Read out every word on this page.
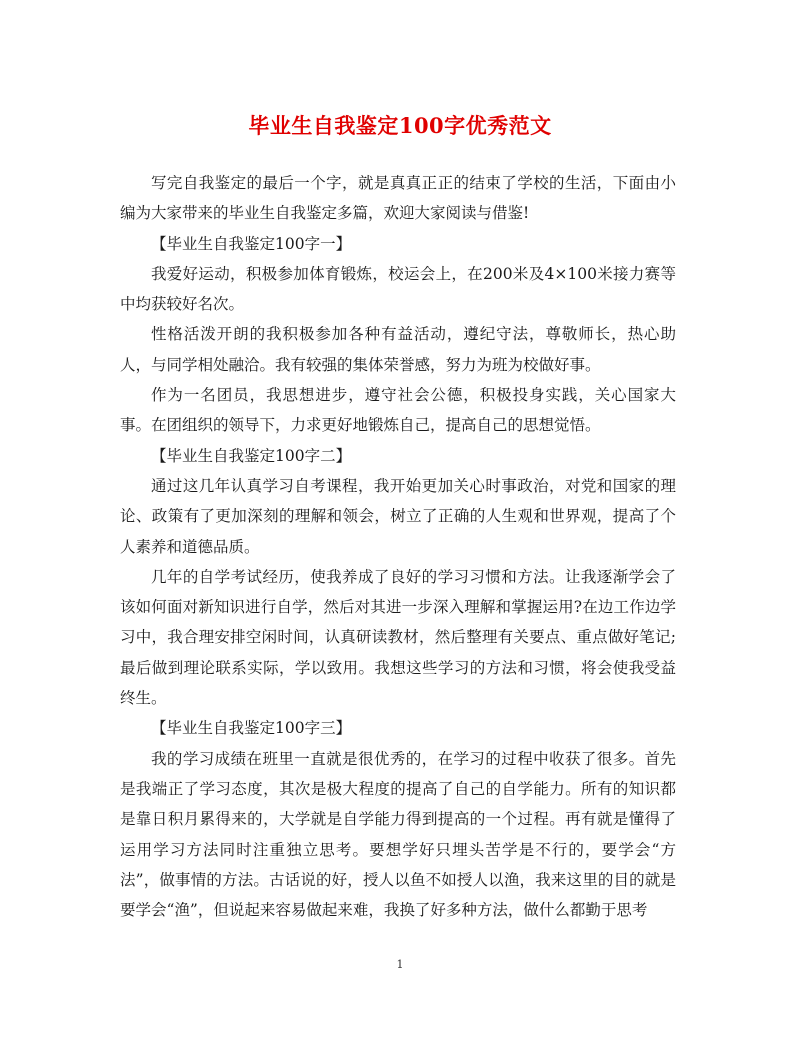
毕业生自我鉴定100字优秀范文

写完自我鉴定的最后一个字，就是真真正正的结束了学校的生活，下面由小编为大家带来的毕业生自我鉴定多篇，欢迎大家阅读与借鉴!

【毕业生自我鉴定100字一】

我爱好运动，积极参加体育锻炼，校运会上，在200米及4×100米接力赛等中均获较好名次。

性格活泼开朗的我积极参加各种有益活动，遵纪守法，尊敬师长，热心助人，与同学相处融洽。我有较强的集体荣誉感，努力为班为校做好事。

作为一名团员，我思想进步，遵守社会公德，积极投身实践，关心国家大事。在团组织的领导下，力求更好地锻炼自己，提高自己的思想觉悟。

【毕业生自我鉴定100字二】

通过这几年认真学习自考课程，我开始更加关心时事政治，对党和国家的理论、政策有了更加深刻的理解和领会，树立了正确的人生观和世界观，提高了个人素养和道德品质。

几年的自学考试经历，使我养成了良好的学习习惯和方法。让我逐渐学会了该如何面对新知识进行自学，然后对其进一步深入理解和掌握运用?在边工作边学习中，我合理安排空闲时间，认真研读教材，然后整理有关要点、重点做好笔记;最后做到理论联系实际，学以致用。我想这些学习的方法和习惯，将会使我受益终生。

【毕业生自我鉴定100字三】

我的学习成绩在班里一直就是很优秀的，在学习的过程中收获了很多。首先是我端正了学习态度，其次是极大程度的提高了自己的自学能力。所有的知识都是靠日积月累得来的，大学就是自学能力得到提高的一个过程。再有就是懂得了运用学习方法同时注重独立思考。要想学好只埋头苦学是不行的，要学会“方法”，做事情的方法。古话说的好，授人以鱼不如授人以渔，我来这里的目的就是要学会“渔”，但说起来容易做起来难，我换了好多种方法，做什么都勤于思考

1
